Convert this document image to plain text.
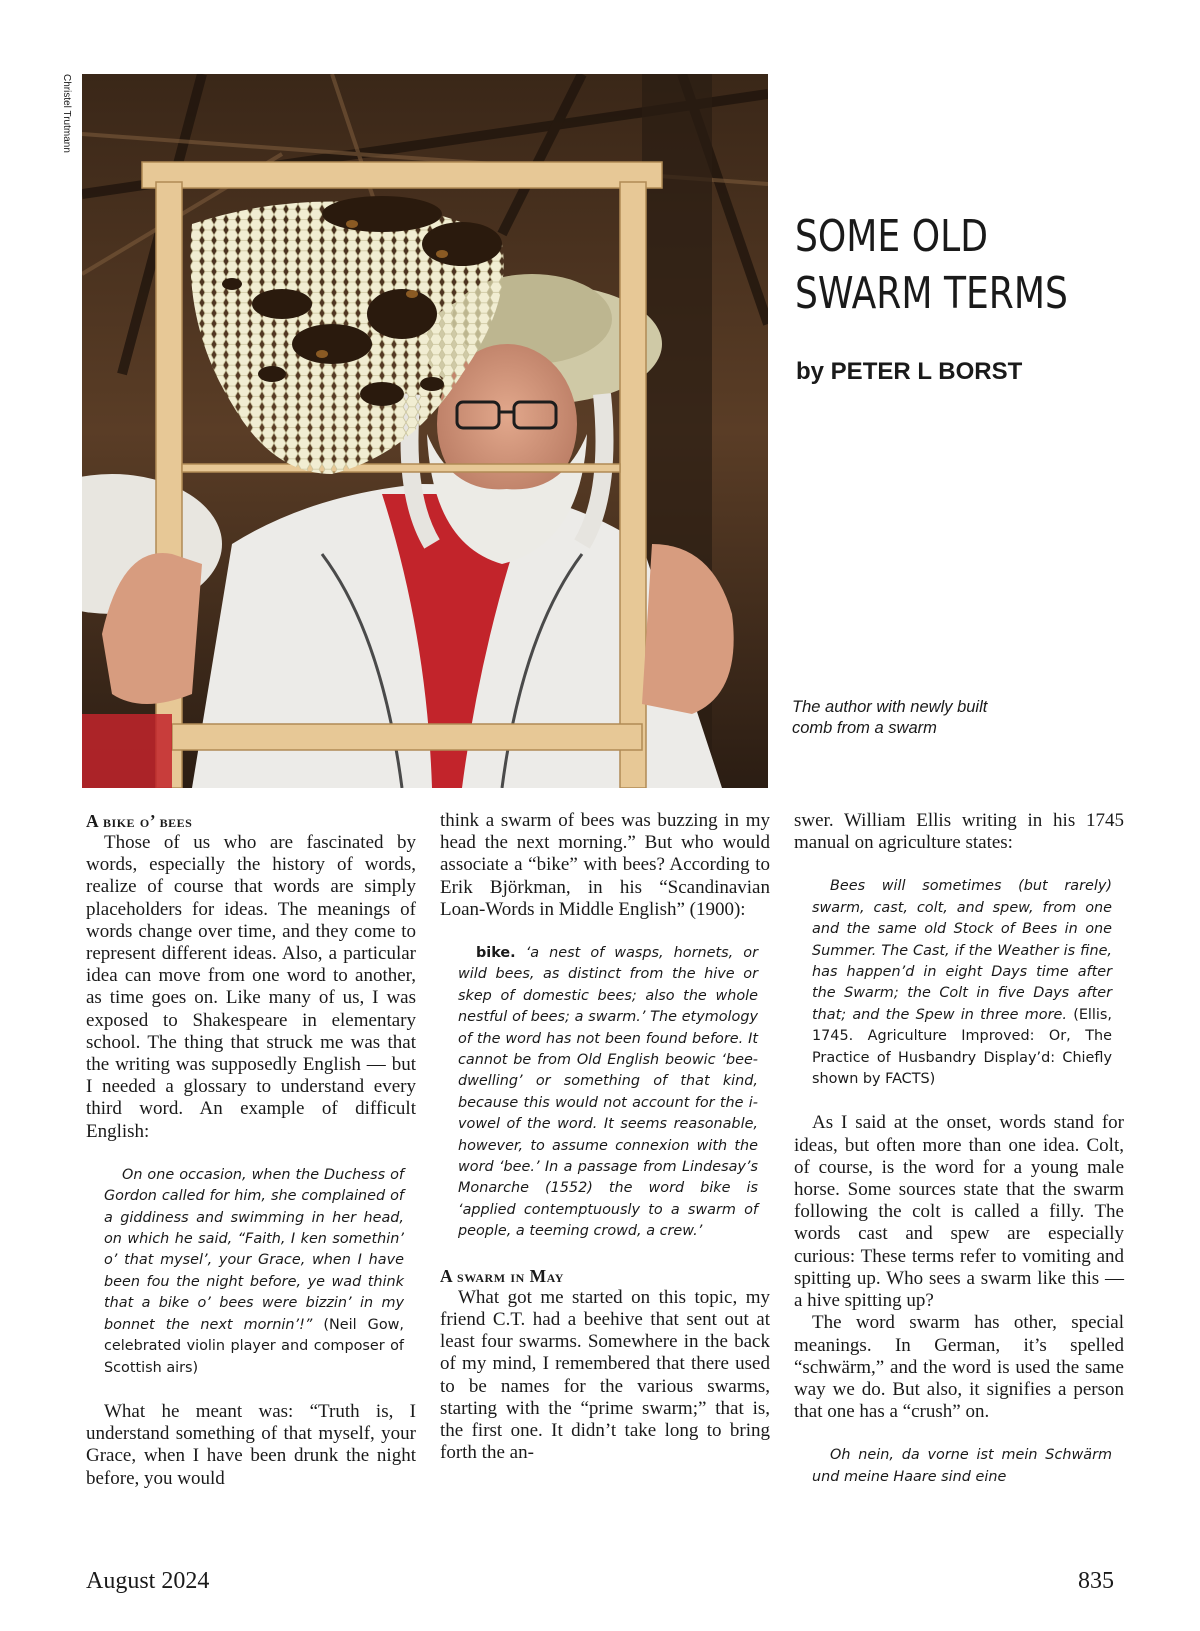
Christel Trutmann
SOME OLD
SWARM TERMS
by PETER L BORST
The author with newly built
comb from a swarm
A bike o’ bees

Those of us who are fascinated by words, especially the history of words, realize of course that words are simply placeholders for ideas. The meanings of words change over time, and they come to represent different ideas. Also, a particular idea can move from one word to another, as time goes on. Like many of us, I was exposed to Shakespeare in elementary school. The thing that struck me was that the writing was supposedly English — but I needed a glossary to understand every third word. An example of difficult English:

On one occasion, when the Duchess of Gordon called for him, she complained of a giddiness and swimming in her head, on which he said, “Faith, I ken somethin’ o’ that mysel’, your Grace, when I have been fou the night before, ye wad think that a bike o’ bees were bizzin’ in my bonnet the next mornin’!” (Neil Gow, celebrated violin player and composer of Scottish airs)

What he meant was: “Truth is, I understand something of that myself, your Grace, when I have been drunk the night before, you would

think a swarm of bees was buzzing in my head the next morning.” But who would associate a “bike” with bees? According to Erik Björkman, in his “Scandinavian Loan-Words in Middle English” (1900):

bike. ‘a nest of wasps, hornets, or wild bees, as distinct from the hive or skep of domestic bees; also the whole nestful of bees; a swarm.’ The etymology of the word has not been found before. It cannot be from Old English beowic ‘bee-dwelling’ or something of that kind, because this would not account for the i-vowel of the word. It seems reasonable, however, to assume connexion with the word ‘bee.’ In a passage from Lindesay’s Monarche (1552) the word bike is ‘applied contemptuously to a swarm of people, a teeming crowd, a crew.’
A swarm in May

What got me started on this topic, my friend C.T. had a beehive that sent out at least four swarms. Somewhere in the back of my mind, I remembered that there used to be names for the various swarms, starting with the “prime swarm;” that is, the first one. It didn’t take long to bring forth the an-

swer. William Ellis writing in his 1745 manual on agriculture states:

Bees will sometimes (but rarely) swarm, cast, colt, and spew, from one and the same old Stock of Bees in one Summer. The Cast, if the Weather is fine, has happen’d in eight Days time after the Swarm; the Colt in five Days after that; and the Spew in three more. (Ellis, 1745. Agriculture Improved: Or, The Practice of Husbandry Display’d: Chiefly shown by FACTS)

As I said at the onset, words stand for ideas, but often more than one idea. Colt, of course, is the word for a young male horse. Some sources state that the swarm following the colt is called a filly. The words cast and spew are especially curious: These terms refer to vomiting and spitting up. Who sees a swarm like this — a hive spitting up?

The word swarm has other, special meanings. In German, it’s spelled “schwärm,” and the word is used the same way we do. But also, it signifies a person that one has a “crush” on.

Oh nein, da vorne ist mein Schwärm und meine Haare sind eine
August 2024	835
